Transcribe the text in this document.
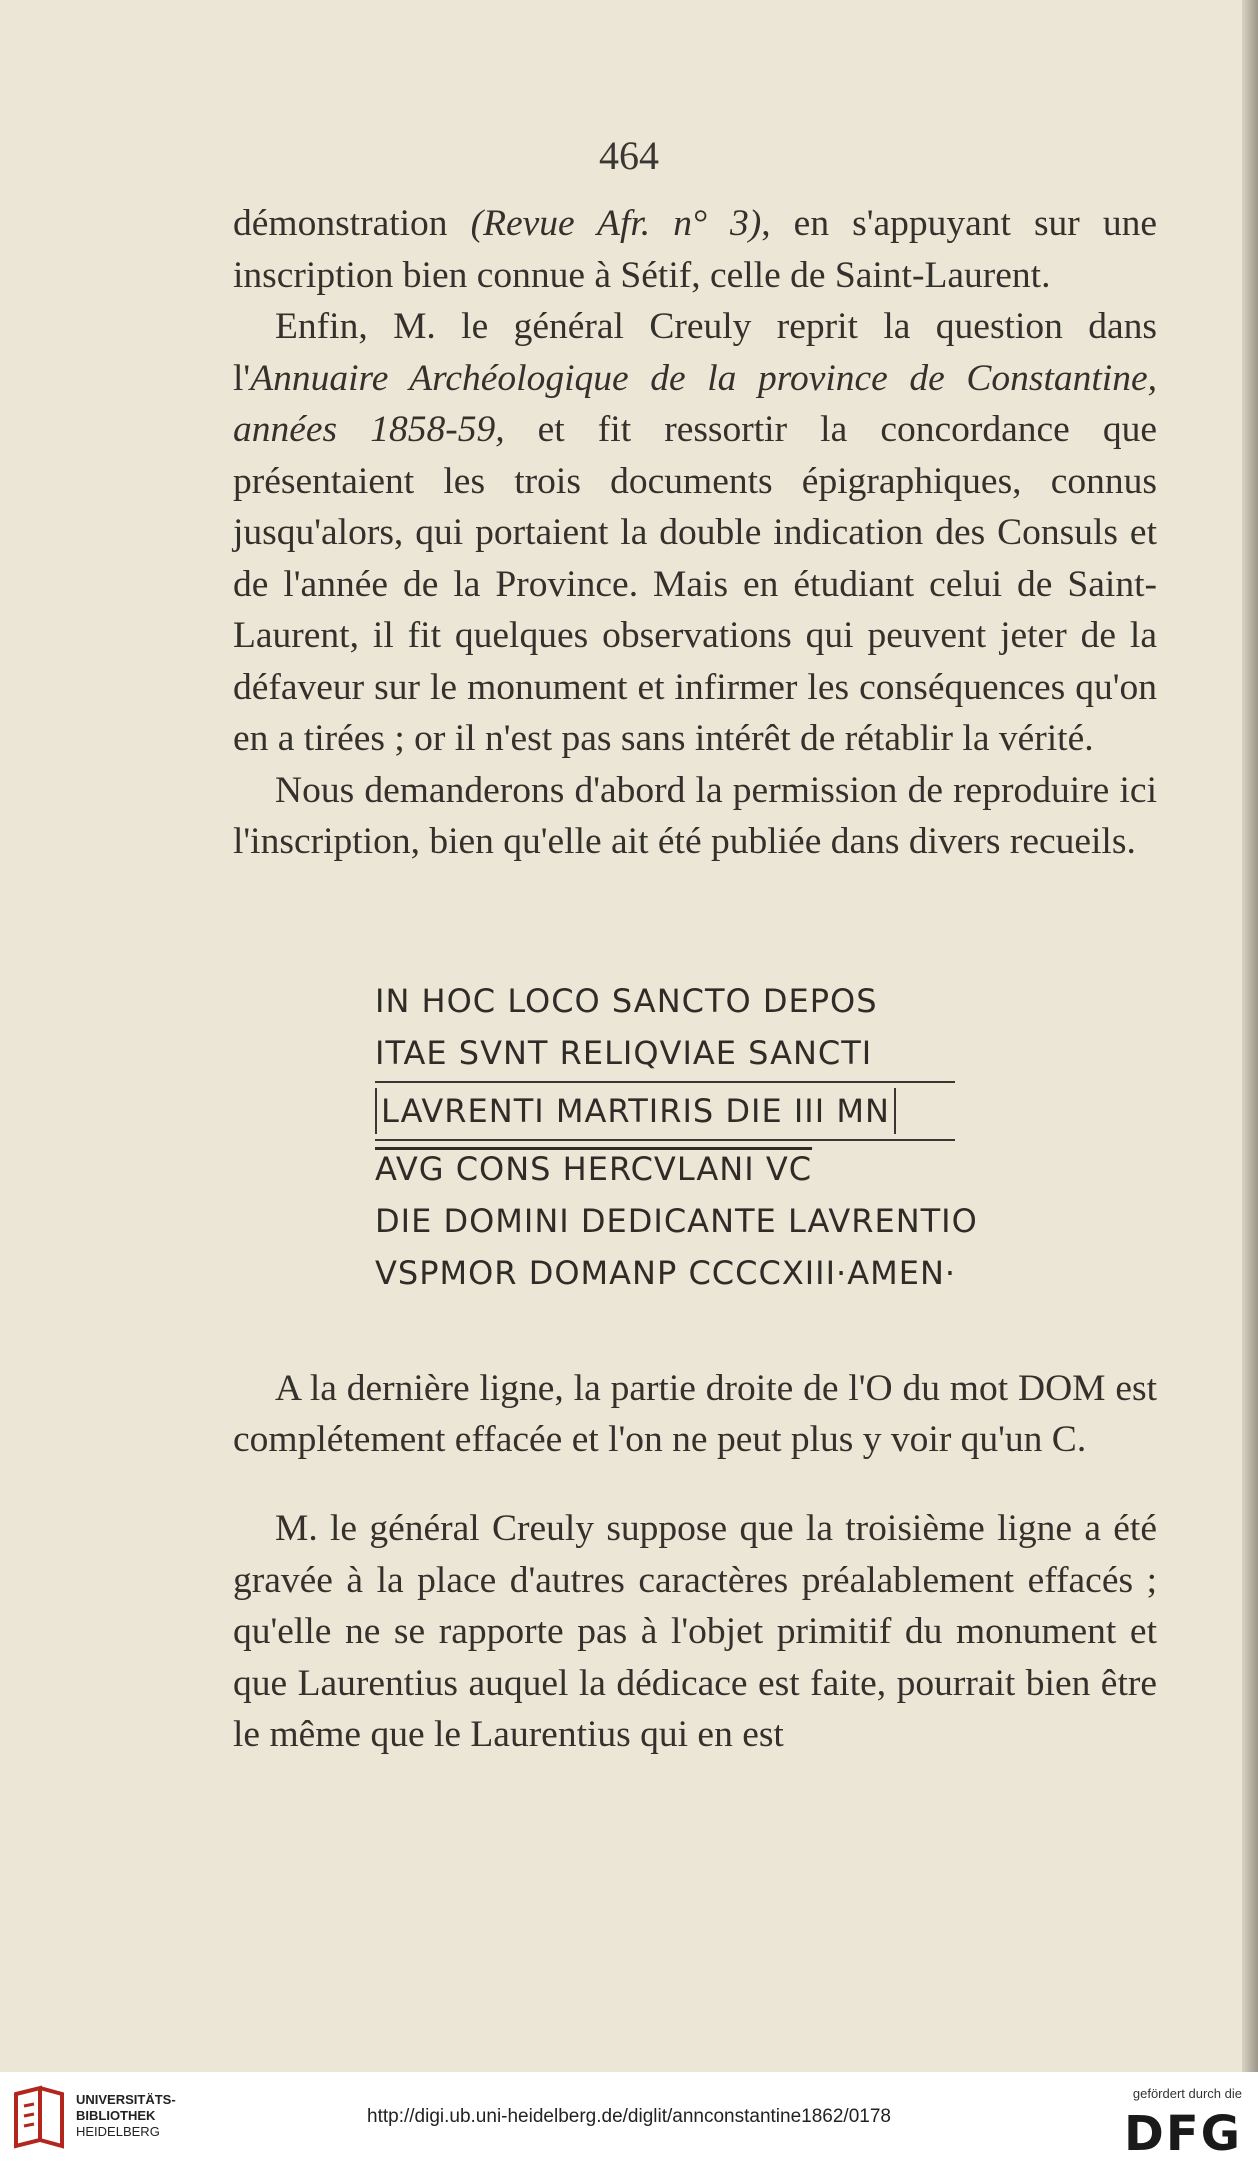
464

démonstration (Revue Afr. n° 3), en s'appuyant sur une inscription bien connue à Sétif, celle de Saint-Laurent.

Enfin, M. le général Creuly reprit la question dans l'Annuaire Archéologique de la province de Constantine, années 1858-59, et fit ressortir la concordance que présentaient les trois documents épigraphiques, connus jusqu'alors, qui portaient la double indication des Consuls et de l'année de la Province. Mais en étudiant celui de Saint-Laurent, il fit quelques observations qui peuvent jeter de la défaveur sur le monument et infirmer les conséquences qu'on en a tirées ; or il n'est pas sans intérêt de rétablir la vérité.

Nous demanderons d'abord la permission de reproduire ici l'inscription, bien qu'elle ait été publiée dans divers recueils.

IN HOC LOCO SANCTO DEPOS
ITAE SVNT RELIQVIAE SANCTI
LAVRENTI MARTIRIS DIE III MN
AVG CONS HERCVLANI VC
DIE DOMINI DEDICANTE LAVRENTIO
VSPMOR DOMANP CCCCXIII·AMEN·

A la dernière ligne, la partie droite de l'O du mot DOM est complétement effacée et l'on ne peut plus y voir qu'un C.

M. le général Creuly suppose que la troisième ligne a été gravée à la place d'autres caractères préalablement effacés ; qu'elle ne se rapporte pas à l'objet primitif du monument et que Laurentius auquel la dédicace est faite, pourrait bien être le même que le Laurentius qui en est

UNIVERSITÄTS-
BIBLIOTHEK
HEIDELBERG
http://digi.ub.uni-heidelberg.de/diglit/annconstantine1862/0178
gefördert durch die
DFG
